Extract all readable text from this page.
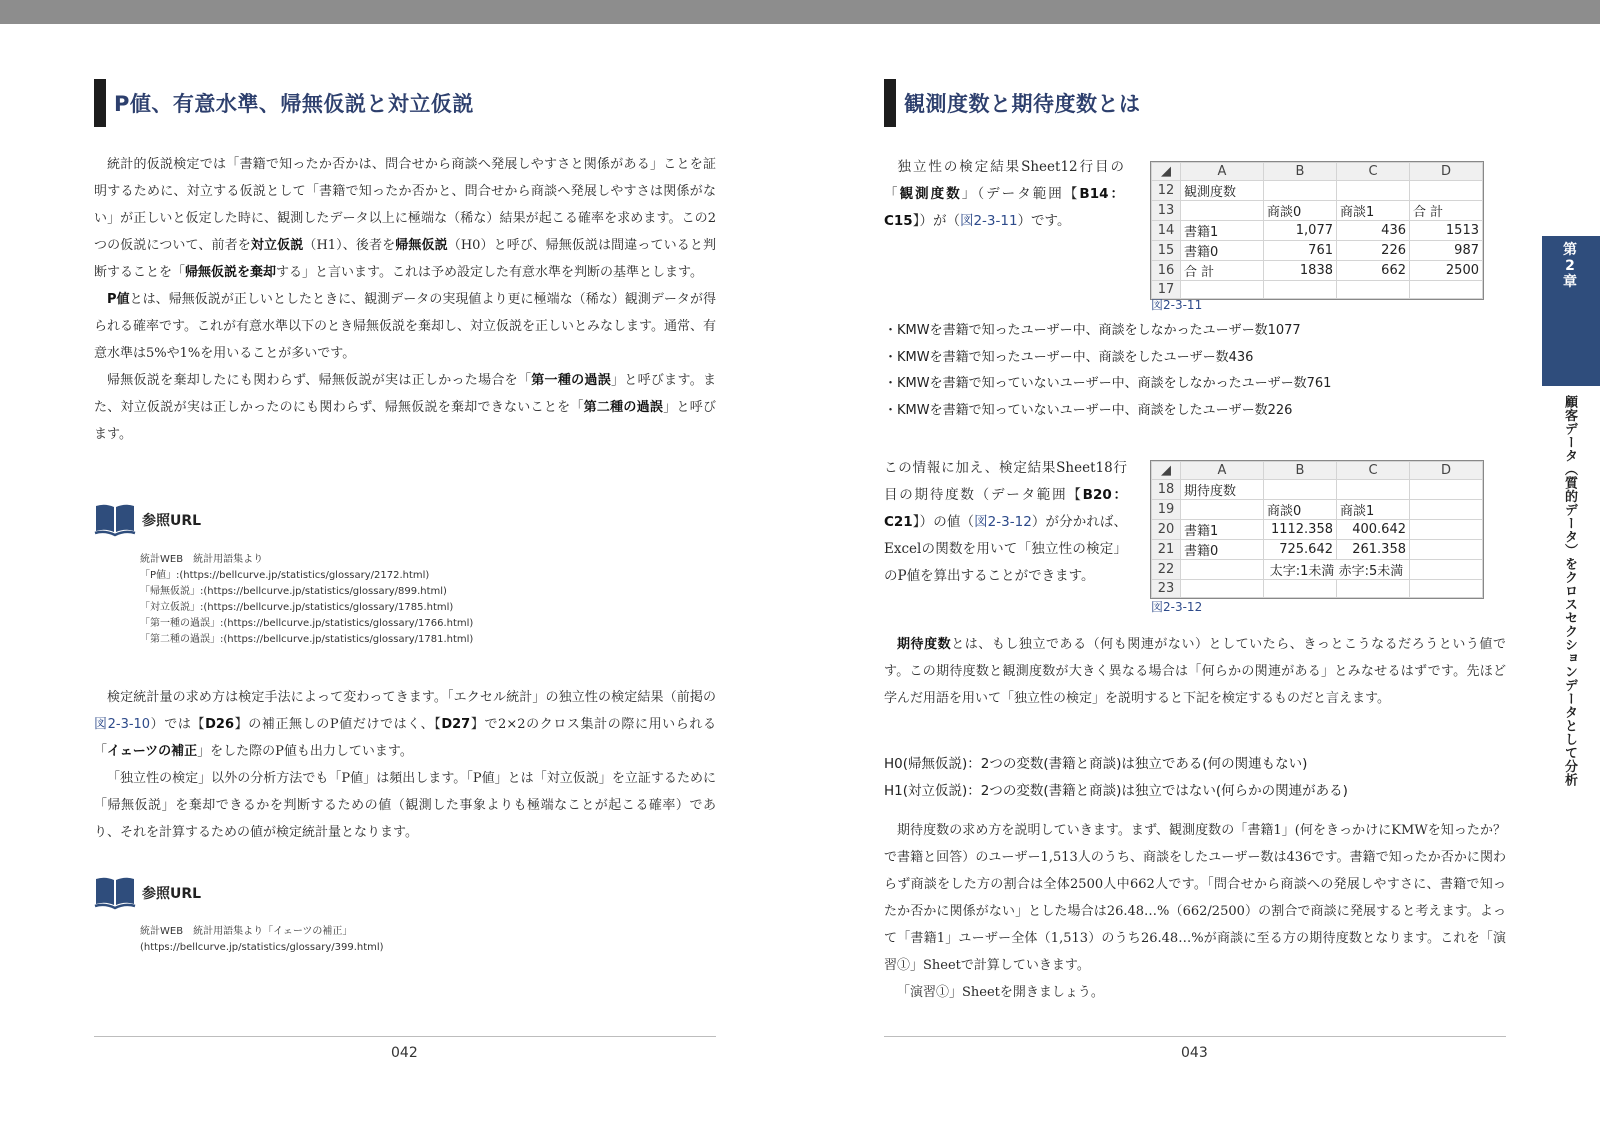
P値、有意水準、帰無仮説と対立仮説

統計的仮説検定では「書籍で知ったか否かは、問合せから商談へ発展しやすさと関係がある」ことを証明するために、対立する仮説として「書籍で知ったか否かと、問合せから商談へ発展しやすさは関係がない」が正しいと仮定した時に、観測したデータ以上に極端な（稀な）結果が起こる確率を求めます。この2つの仮説について、前者を対立仮説（H1）、後者を帰無仮説（H0）と呼び、帰無仮説は間違っていると判断することを「帰無仮説を棄却する」と言います。これは予め設定した有意水準を判断の基準とします。

P値とは、帰無仮説が正しいとしたときに、観測データの実現値より更に極端な（稀な）観測データが得られる確率です。これが有意水準以下のとき帰無仮説を棄却し、対立仮説を正しいとみなします。通常、有意水準は5%や1%を用いることが多いです。

帰無仮説を棄却したにも関わらず、帰無仮説が実は正しかった場合を「第一種の過誤」と呼びます。また、対立仮説が実は正しかったのにも関わらず、帰無仮説を棄却できないことを「第二種の過誤」と呼びます。

参照URL
統計WEB　統計用語集より
「P値」:(https://bellcurve.jp/statistics/glossary/2172.html)
「帰無仮説」:(https://bellcurve.jp/statistics/glossary/899.html)
「対立仮説」:(https://bellcurve.jp/statistics/glossary/1785.html)
「第一種の過誤」:(https://bellcurve.jp/statistics/glossary/1766.html)
「第二種の過誤」:(https://bellcurve.jp/statistics/glossary/1781.html)

検定統計量の求め方は検定手法によって変わってきます。「エクセル統計」の独立性の検定結果（前掲の図2-3-10）では【D26】の補正無しのP値だけではく、【D27】で2×2のクロス集計の際に用いられる「イェーツの補正」をした際のP値も出力しています。

「独立性の検定」以外の分析方法でも「P値」は頻出します。「P値」とは「対立仮説」を立証するために「帰無仮説」を棄却できるかを判断するための値（観測した事象よりも極端なことが起こる確率）であり、それを計算するための値が検定統計量となります。

参照URL
統計WEB　統計用語集より「イェーツの補正」
(https://bellcurve.jp/statistics/glossary/399.html)
042
観測度数と期待度数とは

独立性の検定結果Sheet12行目の「観測度数」（データ範囲【B14：C15】）が（図2-3-11）です。

◢	A	B	C	D
12	観測度数			
13		商談0	商談1	合 計
14	書籍1	1,077	436	1513
15	書籍0	761	226	987
16	合 計	1838	662	2500
17				
図2-3-11
・KMWを書籍で知ったユーザー中、商談をしなかったユーザー数1077
・KMWを書籍で知ったユーザー中、商談をしたユーザー数436
・KMWを書籍で知っていないユーザー中、商談をしなかったユーザー数761
・KMWを書籍で知っていないユーザー中、商談をしたユーザー数226

この情報に加え、検定結果Sheet18行目の期待度数（データ範囲【B20：C21】）の値（図2-3-12）が分かれば、Excelの関数を用いて「独立性の検定」のP値を算出することができます。

◢	A	B	C	D
18	期待度数			
19		商談0	商談1	
20	書籍1	1112.358	400.642	
21	書籍0	725.642	261.358	
22		太字:1未満 赤字:5未満		
23				
図2-3-12

期待度数とは、もし独立である（何も関連がない）としていたら、きっとこうなるだろうという値です。この期待度数と観測度数が大きく異なる場合は「何らかの関連がある」とみなせるはずです。先ほど学んだ用語を用いて「独立性の検定」を説明すると下記を検定するものだと言えます。

H0(帰無仮説)：2つの変数(書籍と商談)は独立である(何の関連もない)
H1(対立仮説)：2つの変数(書籍と商談)は独立ではない(何らかの関連がある)

期待度数の求め方を説明していきます。まず、観測度数の「書籍1」(何をきっかけにKMWを知ったか？で書籍と回答）のユーザー1,513人のうち、商談をしたユーザー数は436です。書籍で知ったか否かに関わらず商談をした方の割合は全体2500人中662人です。「問合せから商談への発展しやすさに、書籍で知ったか否かに関係がない」とした場合は26.48…%（662/2500）の割合で商談に発展すると考えます。よって「書籍1」ユーザー全体（1,513）のうち26.48…%が商談に至る方の期待度数となります。これを「演習①」Sheetで計算していきます。

「演習①」Sheetを開きましょう。

043
第2章
顧客データ（質的データ）をクロスセクションデータとして分析
